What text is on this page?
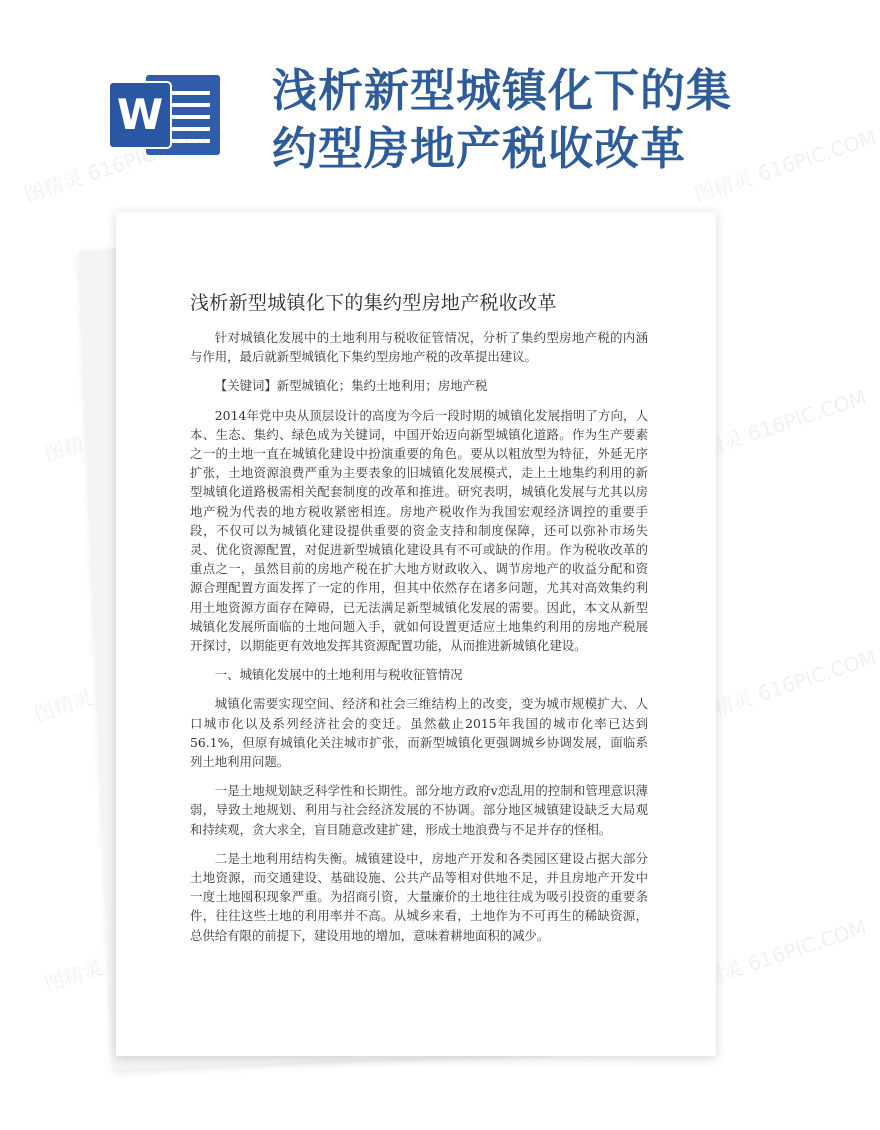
W 浅析新型城镇化下的集约型房地产税收改革
图精灵 616PIC.COM	图精灵 616PIC.COM
图精灵	图精灵 616PIC.COM
图精灵	图精灵 616PIC.COM
图精灵	图精灵 616PIC.COM
浅析新型城镇化下的集约型房地产税收改革

针对城镇化发展中的土地利用与税收征管情况，分析了集约型房地产税的内涵与作用，最后就新型城镇化下集约型房地产税的改革提出建议。

【关键词】新型城镇化；集约土地利用；房地产税

2014年党中央从顶层设计的高度为今后一段时期的城镇化发展指明了方向，人本、生态、集约、绿色成为关键词，中国开始迈向新型城镇化道路。作为生产要素之一的土地一直在城镇化建设中扮演重要的角色。要从以粗放型为特征，外延无序扩张，土地资源浪费严重为主要表象的旧城镇化发展模式，走上土地集约利用的新型城镇化道路极需相关配套制度的改革和推进。研究表明，城镇化发展与尤其以房地产税为代表的地方税收紧密相连。房地产税收作为我国宏观经济调控的重要手段，不仅可以为城镇化建设提供重要的资金支持和制度保障，还可以弥补市场失灵、优化资源配置，对促进新型城镇化建设具有不可或缺的作用。作为税收改革的重点之一，虽然目前的房地产税在扩大地方财政收入、调节房地产的收益分配和资源合理配置方面发挥了一定的作用，但其中依然存在诸多问题，尤其对高效集约利用土地资源方面存在障碍，已无法满足新型城镇化发展的需要。因此，本文从新型城镇化发展所面临的土地问题入手，就如何设置更适应土地集约利用的房地产税展开探讨，以期能更有效地发挥其资源配置功能，从而推进新城镇化建设。

一、城镇化发展中的土地利用与税收征管情况

城镇化需要实现空间、经济和社会三维结构上的改变，变为城市规模扩大、人口城市化以及系列经济社会的变迁。虽然截止2015年我国的城市化率已达到56.1%，但原有城镇化关注城市扩张，而新型城镇化更强调城乡协调发展，面临系列土地利用问题。

一是土地规划缺乏科学性和长期性。部分地方政府v恋乱用的控制和管理意识薄弱，导致土地规划、利用与社会经济发展的不协调。部分地区城镇建设缺乏大局观和持续观，贪大求全，盲目随意改建扩建，形成土地浪费与不足并存的怪相。

二是土地利用结构失衡。城镇建设中，房地产开发和各类园区建设占据大部分土地资源，而交通建设、基础设施、公共产品等相对供地不足，并且房地产开发中一度土地囤积现象严重。为招商引资，大量廉价的土地往往成为吸引投资的重要条件，往往这些土地的利用率并不高。从城乡来看，土地作为不可再生的稀缺资源，总供给有限的前提下，建设用地的增加，意味着耕地面积的减少。
